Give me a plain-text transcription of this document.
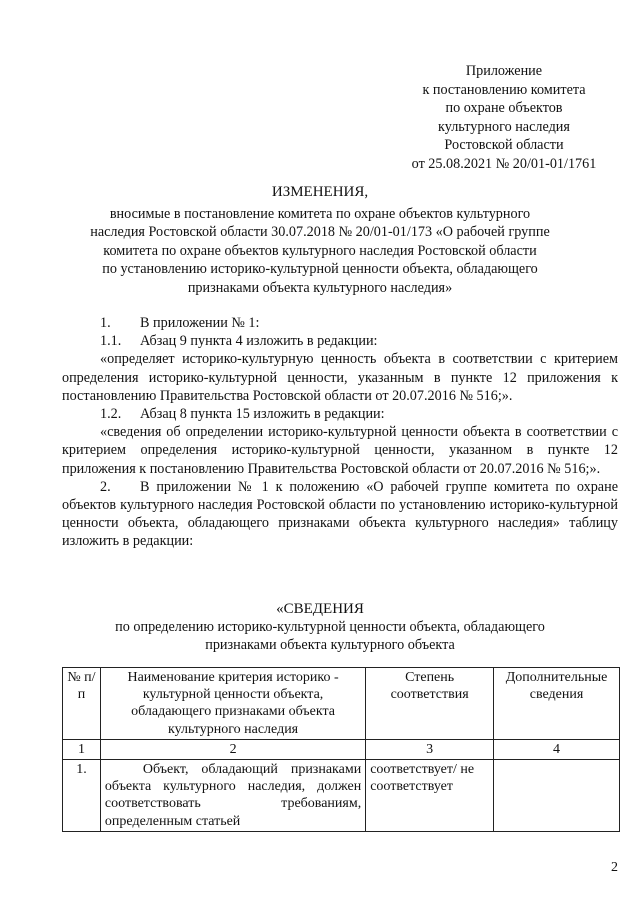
Приложение
к постановлению комитета
по охране объектов
культурного наследия
Ростовской области
от 25.08.2021 № 20/01-01/1761
ИЗМЕНЕНИЯ,
вносимые в постановление комитета по охране объектов культурного
наследия Ростовской области 30.07.2018 № 20/01-01/173 «О рабочей группе
комитета по охране объектов культурного наследия Ростовской области
по установлению историко-культурной ценности объекта, обладающего
признаками объекта культурного наследия»

1. В приложении № 1:

1.1. Абзац 9 пункта 4 изложить в редакции:

«определяет историко-культурную ценность объекта в соответствии с критерием определения историко-культурной ценности, указанным в пункте 12 приложения к постановлению Правительства Ростовской области от 20.07.2016 № 516;».

1.2. Абзац 8 пункта 15 изложить в редакции:

«сведения об определении историко-культурной ценности объекта в соответствии с критерием определения историко-культурной ценности, указанном в пункте 12 приложения к постановлению Правительства Ростовской области от 20.07.2016 № 516;».

2. В приложении № 1 к положению «О рабочей группе комитета по охране объектов культурного наследия Ростовской области по установлению историко-культурной ценности объекта, обладающего признаками объекта культурного наследия» таблицу изложить в редакции:

«СВЕДЕНИЯ
по определению историко-культурной ценности объекта, обладающего
признаками объекта культурного объекта
№ п/п	Наименование критерия историко - культурной ценности объекта, обладающего признаками объекта культурного наследия	Степень соответствия	Дополнительные сведения
1	2	3	4
1.	Объект, обладающий признаками объекта культурного наследия, должен соответствовать требованиям, определенным статьей	соответствует/ не соответствует	
2
